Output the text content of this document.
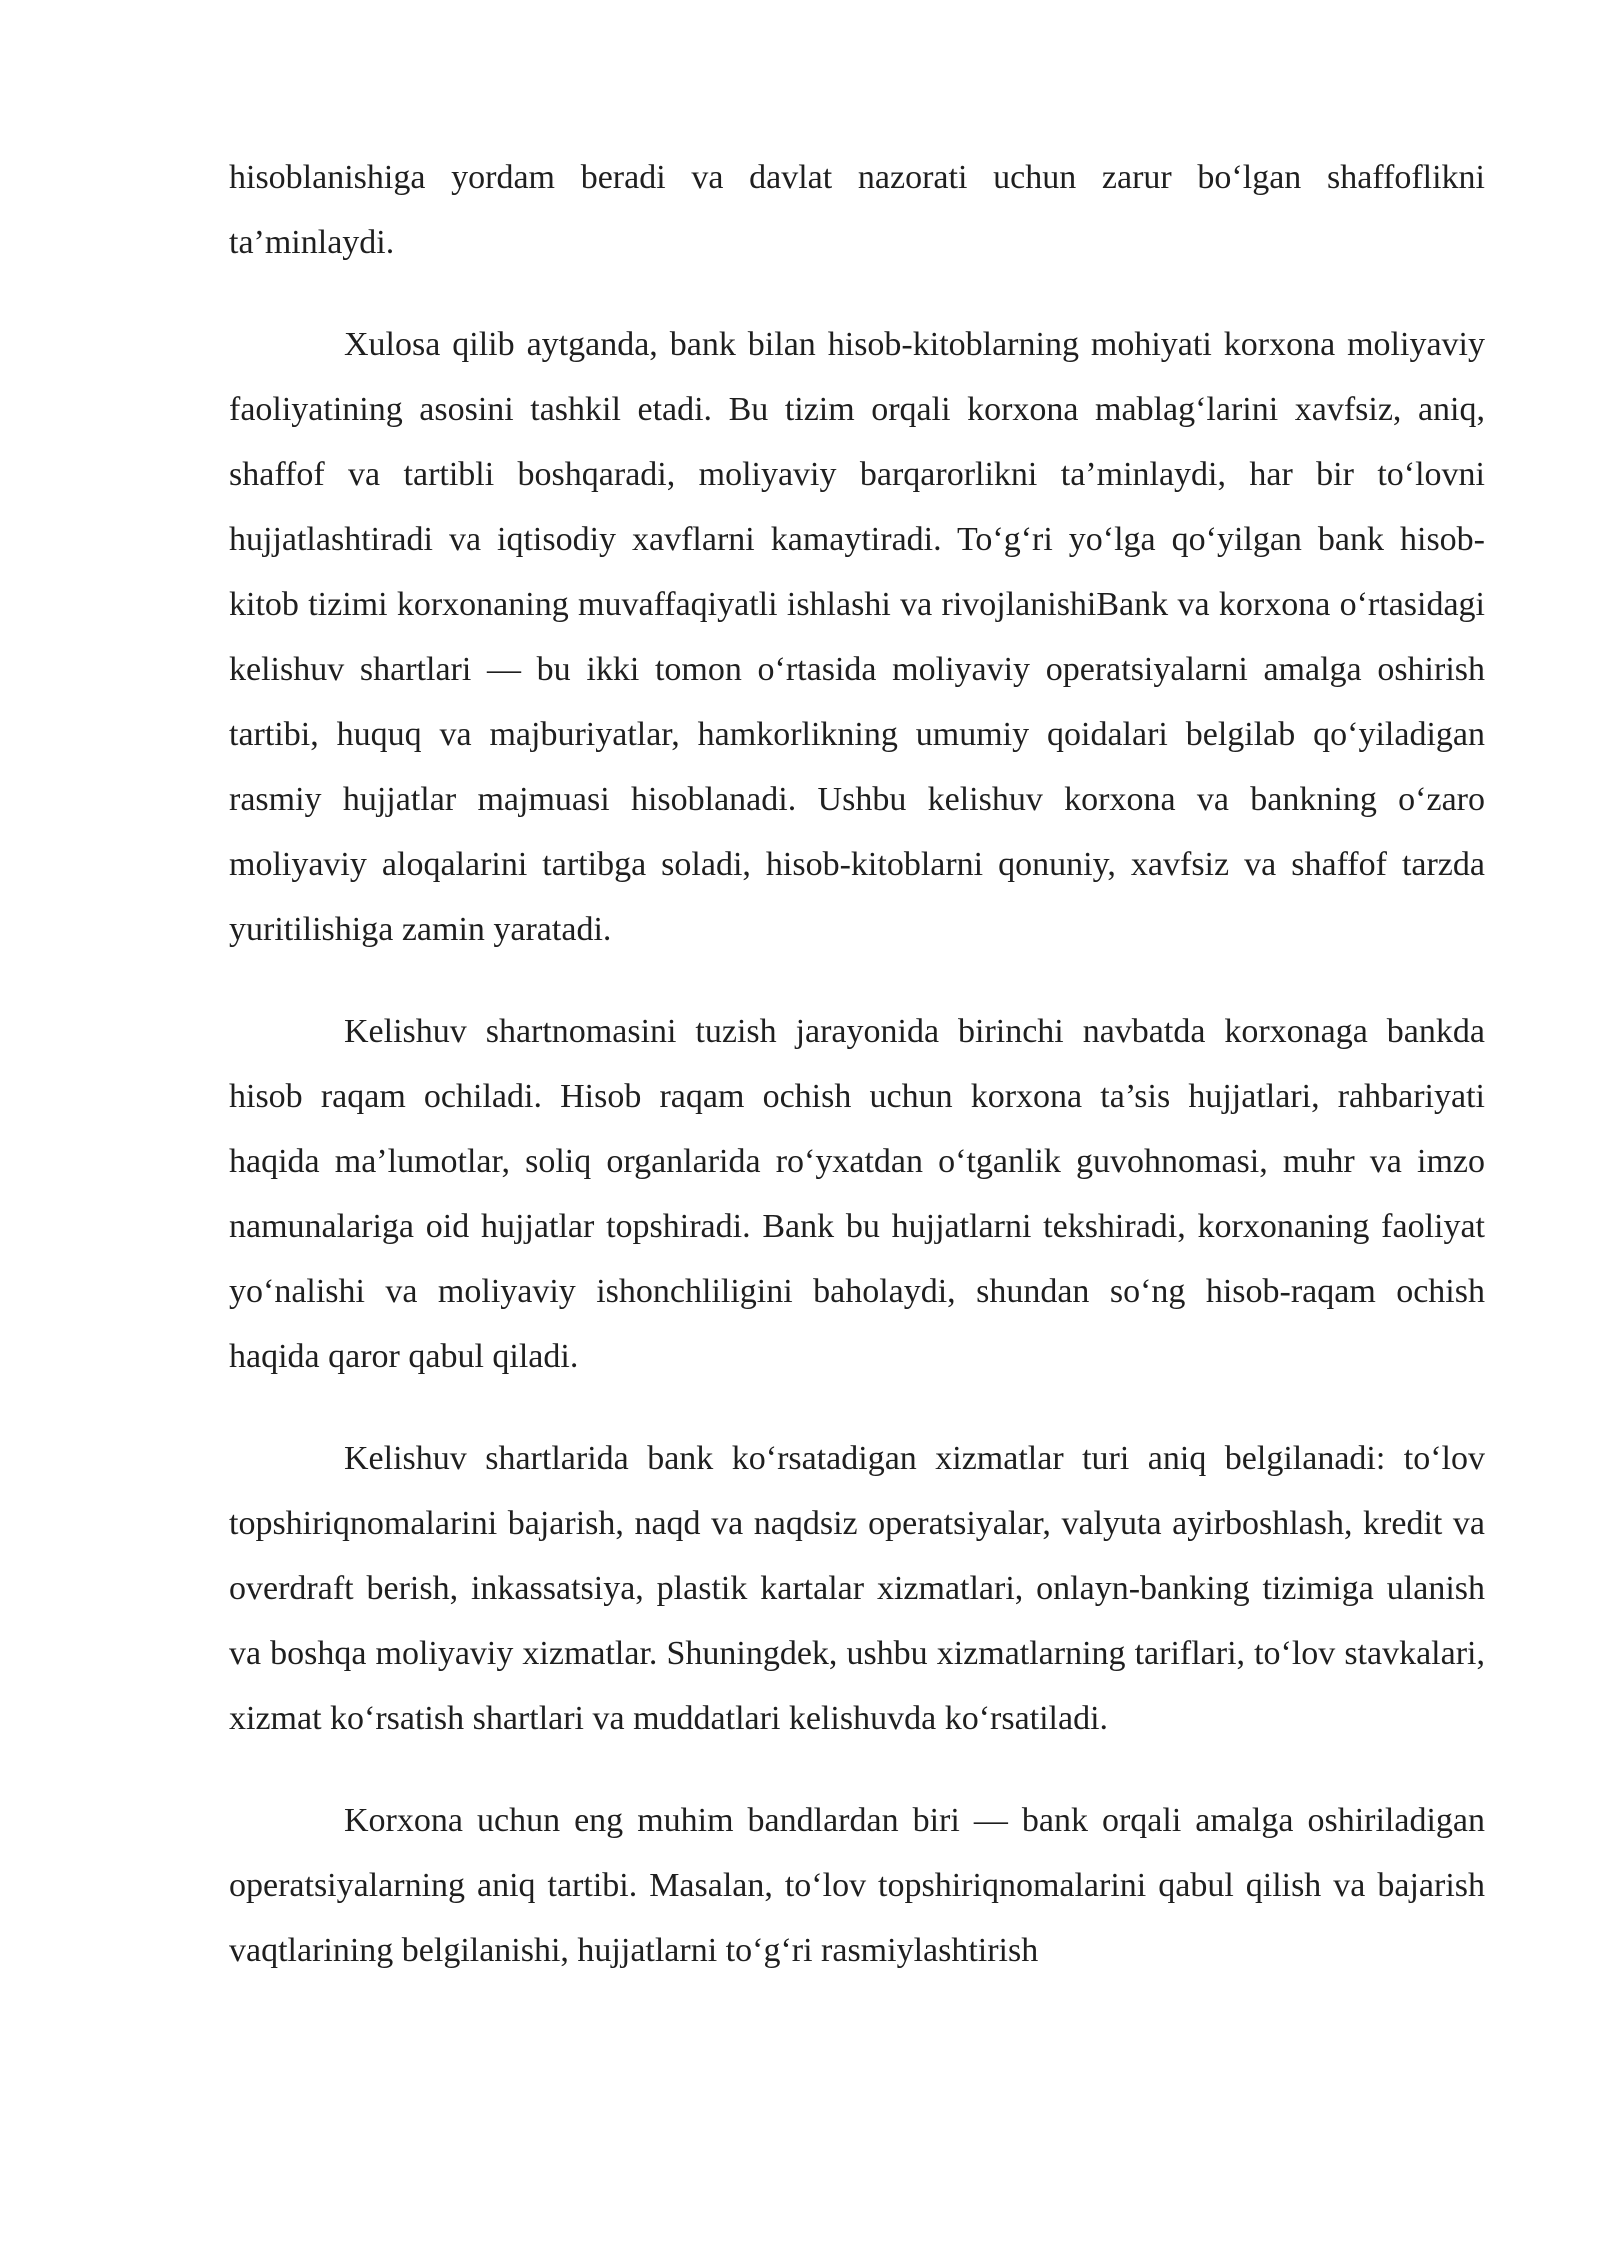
hisoblanishiga yordam beradi va davlat nazorati uchun zarur bo‘lgan shaffoflikni ta’minlaydi.

Xulosa qilib aytganda, bank bilan hisob-kitoblarning mohiyati korxona moliyaviy faoliyatining asosini tashkil etadi. Bu tizim orqali korxona mablag‘larini xavfsiz, aniq, shaffof va tartibli boshqaradi, moliyaviy barqarorlikni ta’minlaydi, har bir to‘lovni hujjatlashtiradi va iqtisodiy xavflarni kamaytiradi. To‘g‘ri yo‘lga qo‘yilgan bank hisob-kitob tizimi korxonaning muvaffaqiyatli ishlashi va rivojlanishiBank va korxona o‘rtasidagi kelishuv shartlari — bu ikki tomon o‘rtasida moliyaviy operatsiyalarni amalga oshirish tartibi, huquq va majburiyatlar, hamkorlikning umumiy qoidalari belgilab qo‘yiladigan rasmiy hujjatlar majmuasi hisoblanadi. Ushbu kelishuv korxona va bankning o‘zaro moliyaviy aloqalarini tartibga soladi, hisob-kitoblarni qonuniy, xavfsiz va shaffof tarzda yuritilishiga zamin yaratadi.

Kelishuv shartnomasini tuzish jarayonida birinchi navbatda korxonaga bankda hisob raqam ochiladi. Hisob raqam ochish uchun korxona ta’sis hujjatlari, rahbariyati haqida ma’lumotlar, soliq organlarida ro‘yxatdan o‘tganlik guvohnomasi, muhr va imzo namunalariga oid hujjatlar topshiradi. Bank bu hujjatlarni tekshiradi, korxonaning faoliyat yo‘nalishi va moliyaviy ishonchliligini baholaydi, shundan so‘ng hisob-raqam ochish haqida qaror qabul qiladi.

Kelishuv shartlarida bank ko‘rsatadigan xizmatlar turi aniq belgilanadi: to‘lov topshiriqnomalarini bajarish, naqd va naqdsiz operatsiyalar, valyuta ayirboshlash, kredit va overdraft berish, inkassatsiya, plastik kartalar xizmatlari, onlayn-banking tizimiga ulanish va boshqa moliyaviy xizmatlar. Shuningdek, ushbu xizmatlarning tariflari, to‘lov stavkalari, xizmat ko‘rsatish shartlari va muddatlari kelishuvda ko‘rsatiladi.

Korxona uchun eng muhim bandlardan biri — bank orqali amalga oshiriladigan operatsiyalarning aniq tartibi. Masalan, to‘lov topshiriqnomalarini qabul qilish va bajarish vaqtlarining belgilanishi, hujjatlarni to‘g‘ri rasmiylashtirish
